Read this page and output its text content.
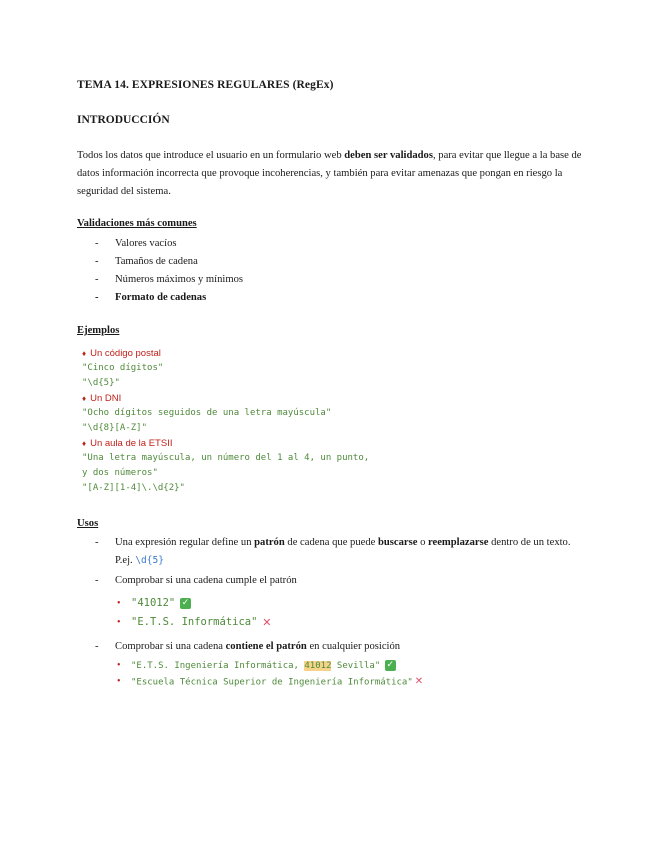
TEMA 14. EXPRESIONES REGULARES (RegEx)
INTRODUCCIÓN
Todos los datos que introduce el usuario en un formulario web deben ser validados, para evitar que llegue a la base de datos información incorrecta que provoque incoherencias, y también para evitar amenazas que pongan en riesgo la seguridad del sistema.
Validaciones más comunes
- Valores vacíos
- Tamaños de cadena
- Números máximos y mínimos
- Formato de cadenas
Ejemplos
♦ Un código postal
"Cinco dígitos"
"\d{5}"
♦ Un DNI
"Ocho dígitos seguidos de una letra mayúscula"
"\d{8}[A-Z]"
♦ Un aula de la ETSII
"Una letra mayúscula, un número del 1 al 4, un punto,
y dos números"
"[A-Z][1-4]\.\d{2}"
Usos
- Una expresión regular define un patrón de cadena que puede buscarse o reemplazarse dentro de un texto. P.ej. \d{5}
- Comprobar si una cadena cumple el patrón
• "41012" ✓
• "E.T.S. Informática" ✕
- Comprobar si una cadena contiene el patrón en cualquier posición
• "E.T.S. Ingeniería Informática, 41012 Sevilla" ✓
• "Escuela Técnica Superior de Ingeniería Informática" ✕
